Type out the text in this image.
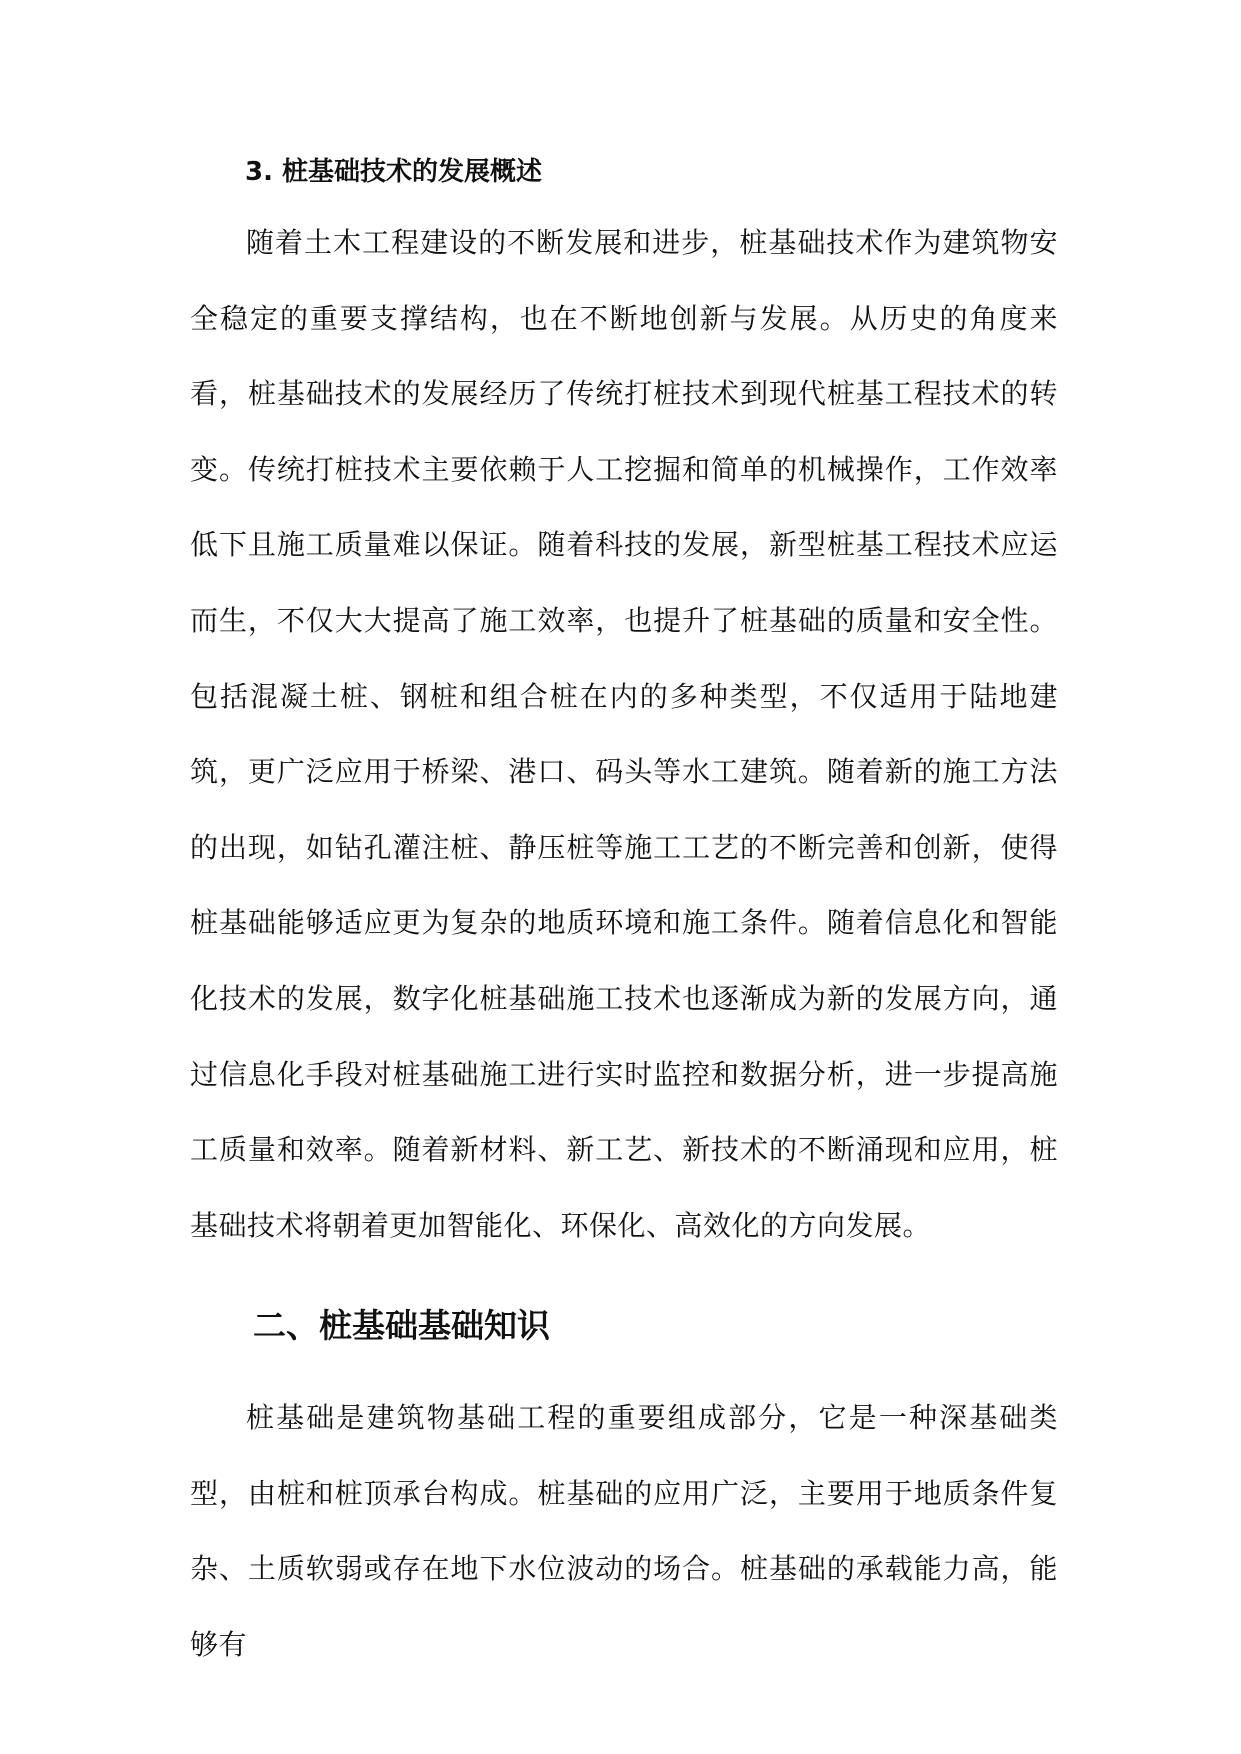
3. 桩基础技术的发展概述

随着土木工程建设的不断发展和进步，桩基础技术作为建筑物安全稳定的重要支撑结构，也在不断地创新与发展。从历史的角度来看，桩基础技术的发展经历了传统打桩技术到现代桩基工程技术的转变。传统打桩技术主要依赖于人工挖掘和简单的机械操作，工作效率低下且施工质量难以保证。随着科技的发展，新型桩基工程技术应运而生，不仅大大提高了施工效率，也提升了桩基础的质量和安全性。包括混凝土桩、钢桩和组合桩在内的多种类型，不仅适用于陆地建筑，更广泛应用于桥梁、港口、码头等水工建筑。随着新的施工方法的出现，如钻孔灌注桩、静压桩等施工工艺的不断完善和创新，使得桩基础能够适应更为复杂的地质环境和施工条件。随着信息化和智能化技术的发展，数字化桩基础施工技术也逐渐成为新的发展方向，通过信息化手段对桩基础施工进行实时监控和数据分析，进一步提高施工质量和效率。随着新材料、新工艺、新技术的不断涌现和应用，桩基础技术将朝着更加智能化、环保化、高效化的方向发展。

二、桩基础基础知识

桩基础是建筑物基础工程的重要组成部分，它是一种深基础类型，由桩和桩顶承台构成。桩基础的应用广泛，主要用于地质条件复杂、土质软弱或存在地下水位波动的场合。桩基础的承载能力高，能够有
